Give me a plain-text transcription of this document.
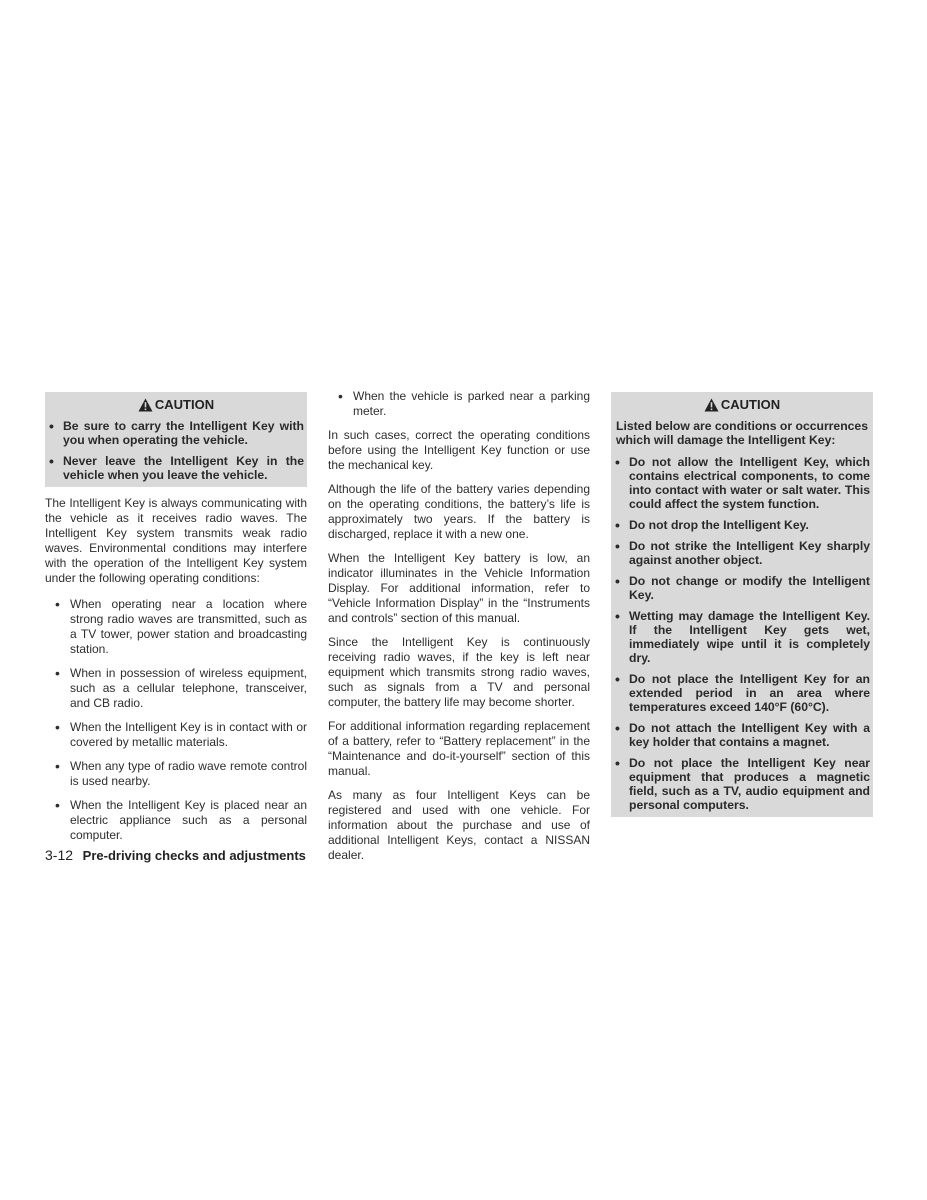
CAUTION
• Be sure to carry the Intelligent Key with you when operating the vehicle.
• Never leave the Intelligent Key in the vehicle when you leave the vehicle.

The Intelligent Key is always communicating with the vehicle as it receives radio waves. The Intelligent Key system transmits weak radio waves. Environmental conditions may interfere with the operation of the Intelligent Key system under the following operating conditions:

• When operating near a location where strong radio waves are transmitted, such as a TV tower, power station and broadcasting station.
• When in possession of wireless equipment, such as a cellular telephone, transceiver, and CB radio.
• When the Intelligent Key is in contact with or covered by metallic materials.
• When any type of radio wave remote control is used nearby.
• When the Intelligent Key is placed near an electric appliance such as a personal computer.
• When the vehicle is parked near a parking meter.

In such cases, correct the operating conditions before using the Intelligent Key function or use the mechanical key.

Although the life of the battery varies depending on the operating conditions, the battery’s life is approximately two years. If the battery is discharged, replace it with a new one.

When the Intelligent Key battery is low, an indicator illuminates in the Vehicle Information Display. For additional information, refer to “Vehicle Information Display” in the “Instruments and controls” section of this manual.

Since the Intelligent Key is continuously receiving radio waves, if the key is left near equipment which transmits strong radio waves, such as signals from a TV and personal computer, the battery life may become shorter.

For additional information regarding replacement of a battery, refer to “Battery replacement” in the “Maintenance and do-it-yourself” section of this manual.

As many as four Intelligent Keys can be registered and used with one vehicle. For information about the purchase and use of additional Intelligent Keys, contact a NISSAN dealer.

CAUTION

Listed below are conditions or occurrences which will damage the Intelligent Key:

• Do not allow the Intelligent Key, which contains electrical components, to come into contact with water or salt water. This could affect the system function.
• Do not drop the Intelligent Key.
• Do not strike the Intelligent Key sharply against another object.
• Do not change or modify the Intelligent Key.
• Wetting may damage the Intelligent Key. If the Intelligent Key gets wet, immediately wipe until it is completely dry.
• Do not place the Intelligent Key for an extended period in an area where temperatures exceed 140°F (60°C).
• Do not attach the Intelligent Key with a key holder that contains a magnet.
• Do not place the Intelligent Key near equipment that produces a magnetic field, such as a TV, audio equipment and personal computers.
3-12 Pre-driving checks and adjustments
